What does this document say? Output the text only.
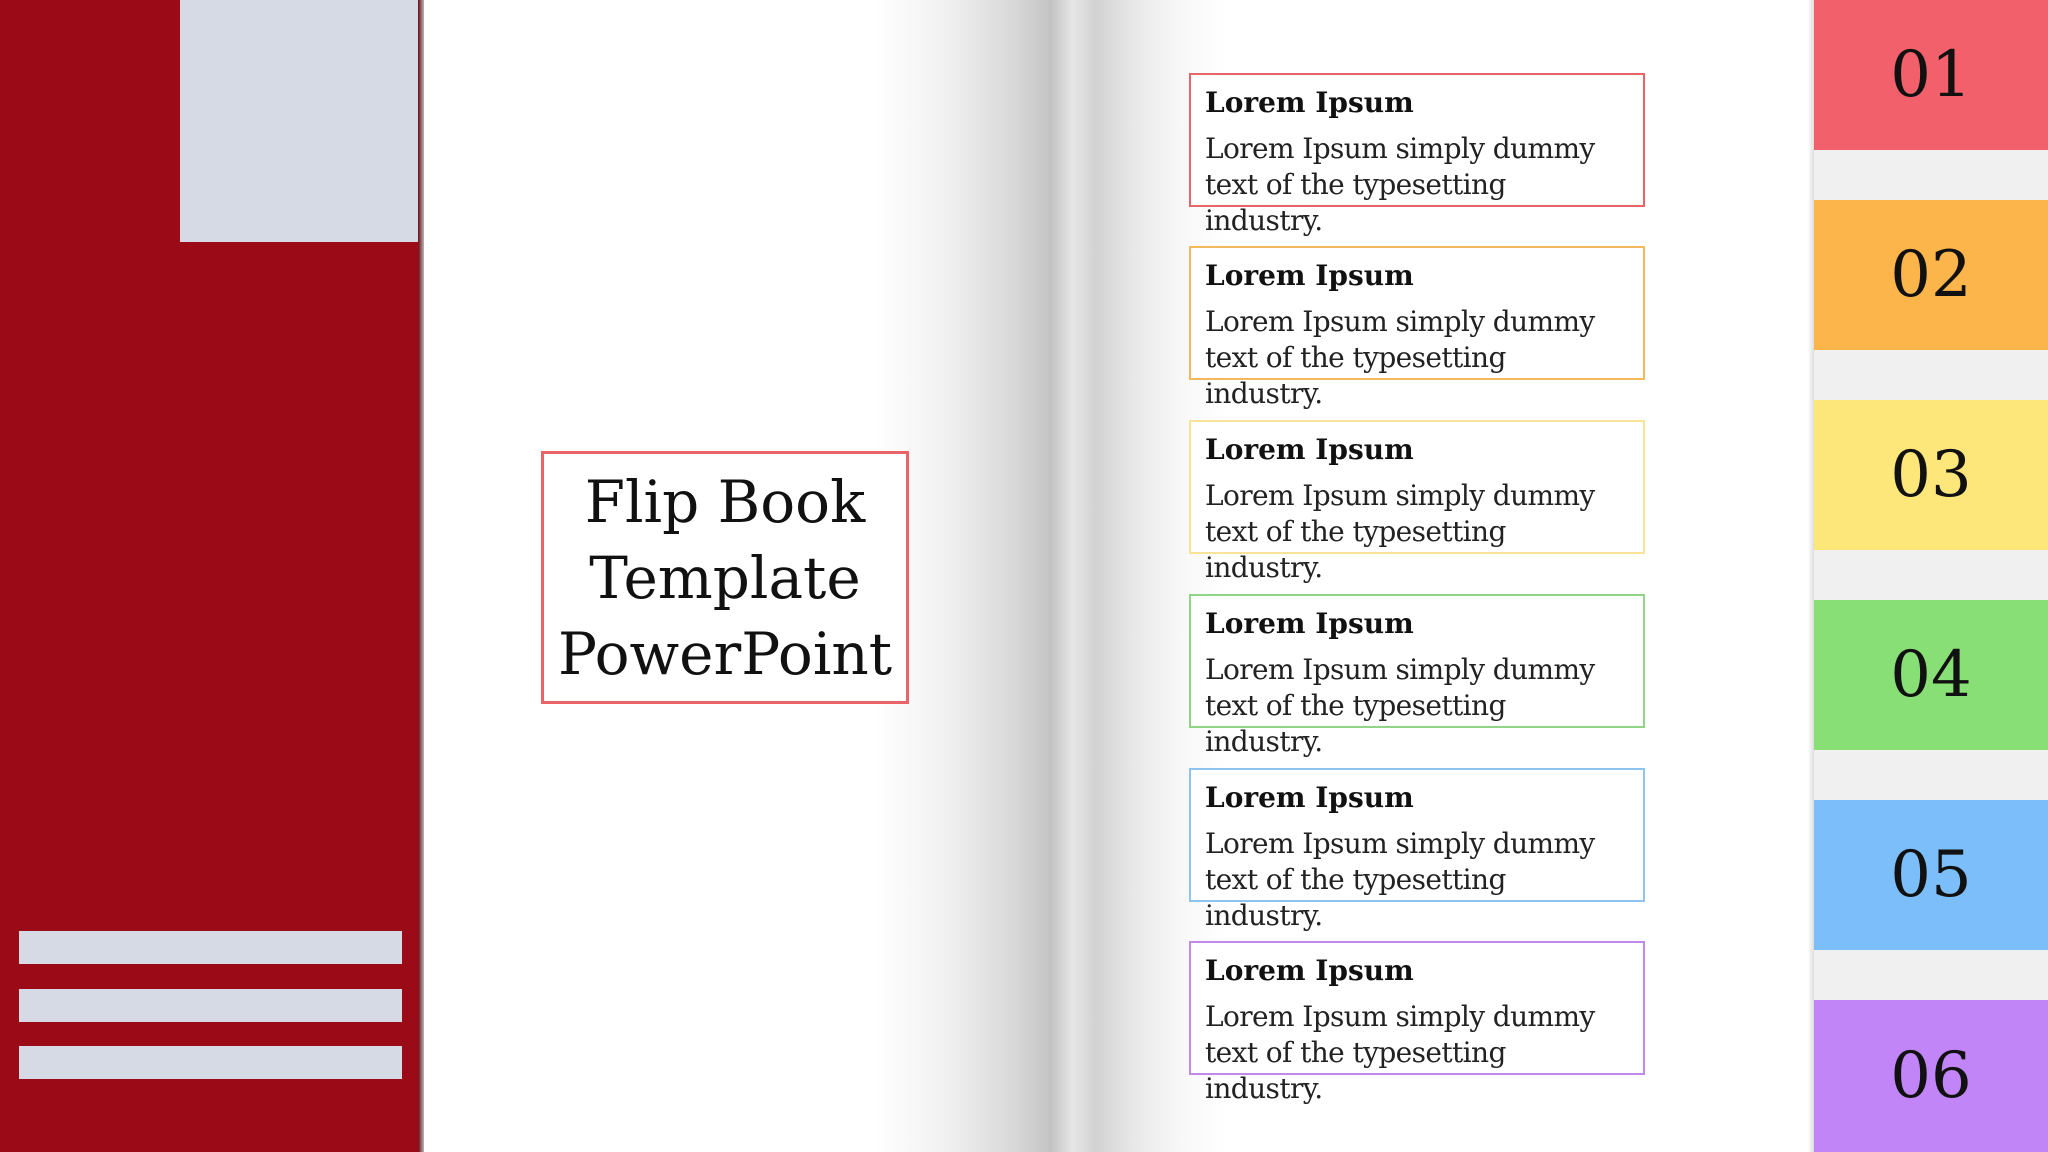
Flip Book Template PowerPoint
Lorem Ipsum
Lorem Ipsum simply dummy
text of the typesetting industry.
Lorem Ipsum
Lorem Ipsum simply dummy
text of the typesetting industry.
Lorem Ipsum
Lorem Ipsum simply dummy
text of the typesetting industry.
Lorem Ipsum
Lorem Ipsum simply dummy
text of the typesetting industry.
Lorem Ipsum
Lorem Ipsum simply dummy
text of the typesetting industry.
Lorem Ipsum
Lorem Ipsum simply dummy
text of the typesetting industry.
01
02
03
04
05
06
